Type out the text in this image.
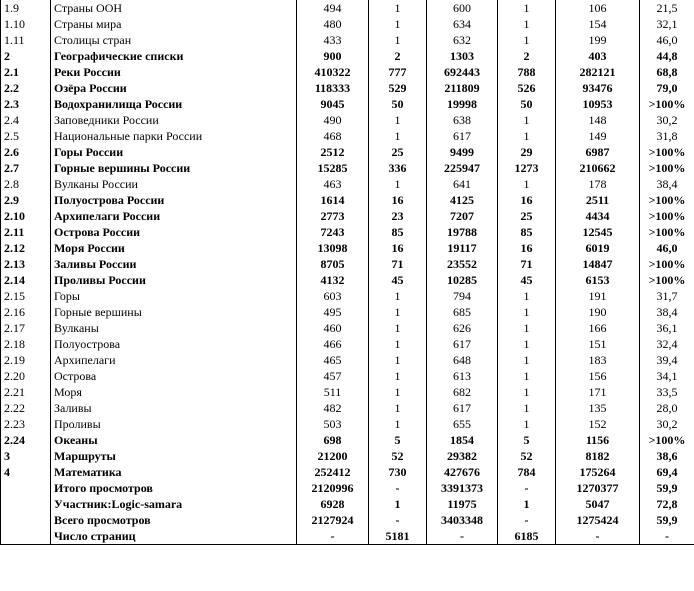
1.9	Страны ООН	494	1	600	1	106	21,5
1.10	Страны мира	480	1	634	1	154	32,1
1.11	Столицы стран	433	1	632	1	199	46,0
2	Географические списки	900	2	1303	2	403	44,8
2.1	Реки России	410322	777	692443	788	282121	68,8
2.2	Озёра России	118333	529	211809	526	93476	79,0
2.3	Водохранилища России	9045	50	19998	50	10953	>100%
2.4	Заповедники России	490	1	638	1	148	30,2
2.5	Национальные парки России	468	1	617	1	149	31,8
2.6	Горы России	2512	25	9499	29	6987	>100%
2.7	Горные вершины России	15285	336	225947	1273	210662	>100%
2.8	Вулканы России	463	1	641	1	178	38,4
2.9	Полуострова России	1614	16	4125	16	2511	>100%
2.10	Архипелаги России	2773	23	7207	25	4434	>100%
2.11	Острова России	7243	85	19788	85	12545	>100%
2.12	Моря России	13098	16	19117	16	6019	46,0
2.13	Заливы России	8705	71	23552	71	14847	>100%
2.14	Проливы России	4132	45	10285	45	6153	>100%
2.15	Горы	603	1	794	1	191	31,7
2.16	Горные вершины	495	1	685	1	190	38,4
2.17	Вулканы	460	1	626	1	166	36,1
2.18	Полуострова	466	1	617	1	151	32,4
2.19	Архипелаги	465	1	648	1	183	39,4
2.20	Острова	457	1	613	1	156	34,1
2.21	Моря	511	1	682	1	171	33,5
2.22	Заливы	482	1	617	1	135	28,0
2.23	Проливы	503	1	655	1	152	30,2
2.24	Океаны	698	5	1854	5	1156	>100%
3	Маршруты	21200	52	29382	52	8182	38,6
4	Математика	252412	730	427676	784	175264	69,4
	Итого просмотров	2120996	-	3391373	-	1270377	59,9
	Участник:Logic-samara	6928	1	11975	1	5047	72,8
	Всего просмотров	2127924	-	3403348	-	1275424	59,9
	Число страниц	-	5181	-	6185	-	-
